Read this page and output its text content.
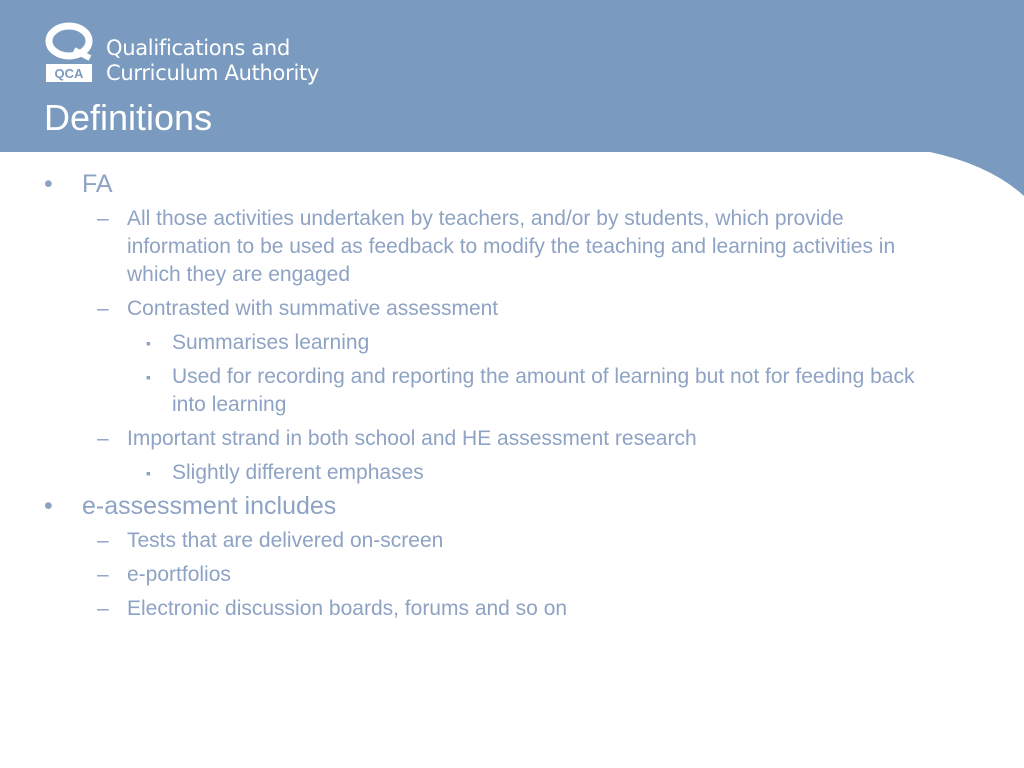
QCA
Qualifications and
Curriculum Authority
Definitions
• FA
– All those activities undertaken by teachers, and/or by students, which provide information to be used as feedback to modify the teaching and learning activities in which they are engaged
– Contrasted with summative assessment
▪ Summarises learning
▪ Used for recording and reporting the amount of learning but not for feeding back into learning
– Important strand in both school and HE assessment research
▪ Slightly different emphases
• e-assessment includes
– Tests that are delivered on-screen
– e-portfolios
– Electronic discussion boards, forums and so on
